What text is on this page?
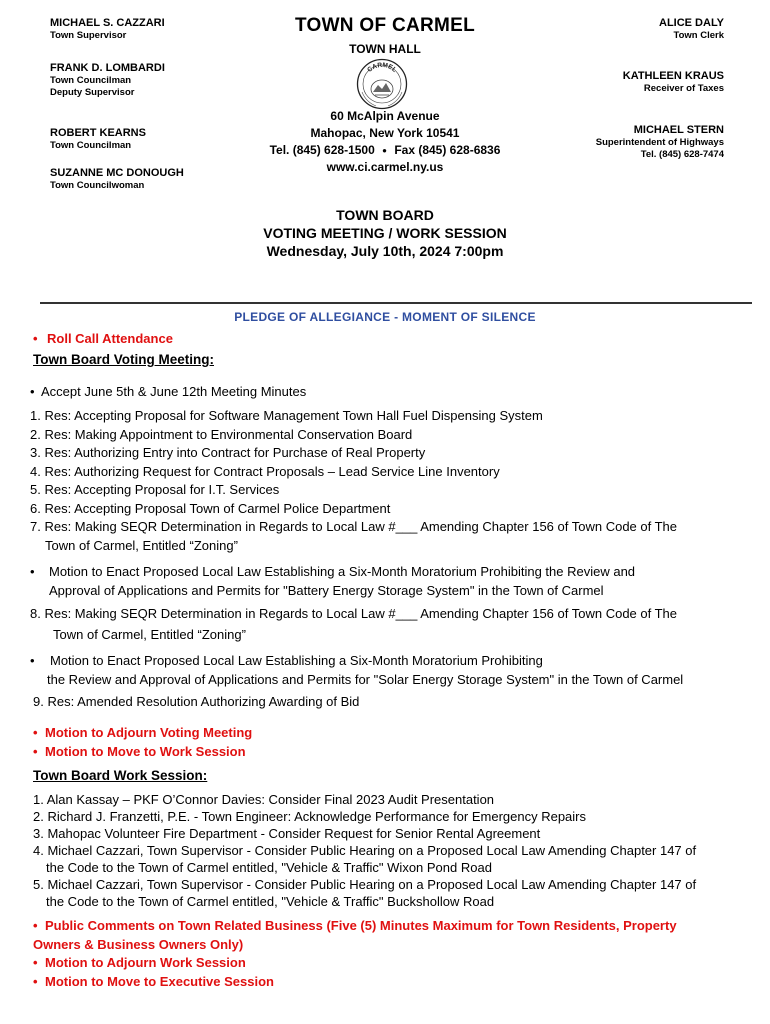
MICHAEL S. CAZZARI
Town Supervisor
FRANK D. LOMBARDI
Town Councilman
Deputy Supervisor
ROBERT KEARNS
Town Councilman
SUZANNE MC DONOUGH
Town Councilwoman
ALICE DALY
Town Clerk
KATHLEEN KRAUS
Receiver of Taxes
MICHAEL STERN
Superintendent of Highways
Tel. (845) 628-7474
TOWN OF CARMEL
TOWN HALL
CARMEL
60 McAlpin Avenue
Mahopac, New York 10541
Tel. (845) 628-1500 ● Fax (845) 628-6836
www.ci.carmel.ny.us
TOWN BOARD
VOTING MEETING / WORK SESSION
Wednesday, July 10th, 2024 7:00pm
PLEDGE OF ALLEGIANCE - MOMENT OF SILENCE
• Roll Call Attendance
Town Board Voting Meeting:
• Accept June 5th & June 12th Meeting Minutes
1. Res: Accepting Proposal for Software Management Town Hall Fuel Dispensing System
2. Res: Making Appointment to Environmental Conservation Board
3. Res: Authorizing Entry into Contract for Purchase of Real Property
4. Res: Authorizing Request for Contract Proposals – Lead Service Line Inventory
5. Res: Accepting Proposal for I.T. Services
6. Res: Accepting Proposal Town of Carmel Police Department
7. Res: Making SEQR Determination in Regards to Local Law #___ Amending Chapter 156 of Town Code of The
Town of Carmel, Entitled “Zoning”
• Motion to Enact Proposed Local Law Establishing a Six-Month Moratorium Prohibiting the Review and
Approval of Applications and Permits for "Battery Energy Storage System" in the Town of Carmel
8. Res: Making SEQR Determination in Regards to Local Law #___ Amending Chapter 156 of Town Code of The
Town of Carmel, Entitled “Zoning”
• Motion to Enact Proposed Local Law Establishing a Six-Month Moratorium Prohibiting
the Review and Approval of Applications and Permits for "Solar Energy Storage System" in the Town of Carmel
9. Res: Amended Resolution Authorizing Awarding of Bid
• Motion to Adjourn Voting Meeting
• Motion to Move to Work Session
Town Board Work Session:
1. Alan Kassay – PKF O’Connor Davies: Consider Final 2023 Audit Presentation
2. Richard J. Franzetti, P.E. - Town Engineer: Acknowledge Performance for Emergency Repairs
3. Mahopac Volunteer Fire Department - Consider Request for Senior Rental Agreement
4. Michael Cazzari, Town Supervisor - Consider Public Hearing on a Proposed Local Law Amending Chapter 147 of
the Code to the Town of Carmel entitled, "Vehicle & Traffic" Wixon Pond Road
5. Michael Cazzari, Town Supervisor - Consider Public Hearing on a Proposed Local Law Amending Chapter 147 of
the Code to the Town of Carmel entitled, "Vehicle & Traffic" Buckshollow Road
• Public Comments on Town Related Business (Five (5) Minutes Maximum for Town Residents, Property
Owners & Business Owners Only)
• Motion to Adjourn Work Session
• Motion to Move to Executive Session
